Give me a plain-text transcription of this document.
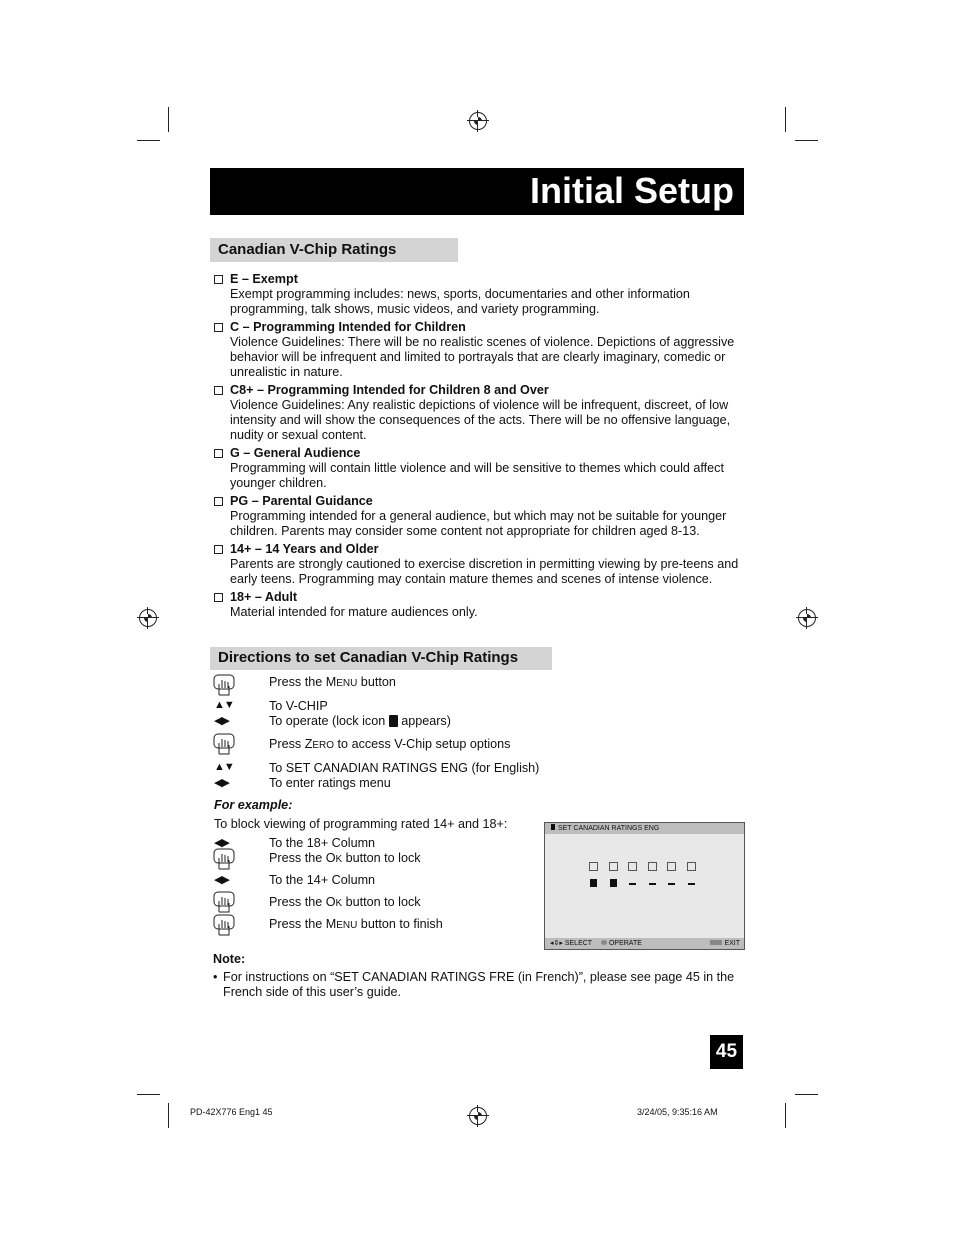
Initial Setup
Canadian V-Chip Ratings
E – Exempt
Exempt programming includes: news, sports, documentaries and other information programming, talk shows, music videos, and variety programming.
C – Programming Intended for Children
Violence Guidelines: There will be no realistic scenes of violence. Depictions of aggressive behavior will be infrequent and limited to portrayals that are clearly imaginary, comedic or unrealistic in nature.
C8+ – Programming Intended for Children 8 and Over
Violence Guidelines: Any realistic depictions of violence will be infrequent, discreet, of low intensity and will show the consequences of the acts. There will be no offensive language, nudity or sexual content.
G – General Audience
Programming will contain little violence and will be sensitive to themes which could affect younger children.
PG – Parental Guidance
Programming intended for a general audience, but which may not be suitable for younger children. Parents may consider some content not appropriate for children aged 8-13.
14+ – 14 Years and Older
Parents are strongly cautioned to exercise discretion in permitting viewing by pre-teens and early teens. Programming may contain mature themes and scenes of intense violence.
18+ – Adult
Material intended for mature audiences only.
Directions to set Canadian V-Chip Ratings
Press the MENU button
▲▼	To V-CHIP
◀▶	To operate (lock icon  appears)
Press ZERO to access V-Chip setup options
▲▼	To SET CANADIAN RATINGS ENG (for English)
◀▶	To enter ratings menu
For example:
To block viewing of programming rated 14+ and 18+:
◀▶	To the 18+ Column
Press the OK button to lock
◀▶	To the 14+ Column
Press the OK button to lock
Press the MENU button to finish
SET CANADIAN RATINGS ENG
◂⇕▸ SELECT	OPERATE	EXIT
Note:
• For instructions on “SET CANADIAN RATINGS FRE (in French)”, please see page 45 in the French side of this user’s guide.
45
PD-42X776 Eng1 45	3/24/05, 9:35:16 AM
